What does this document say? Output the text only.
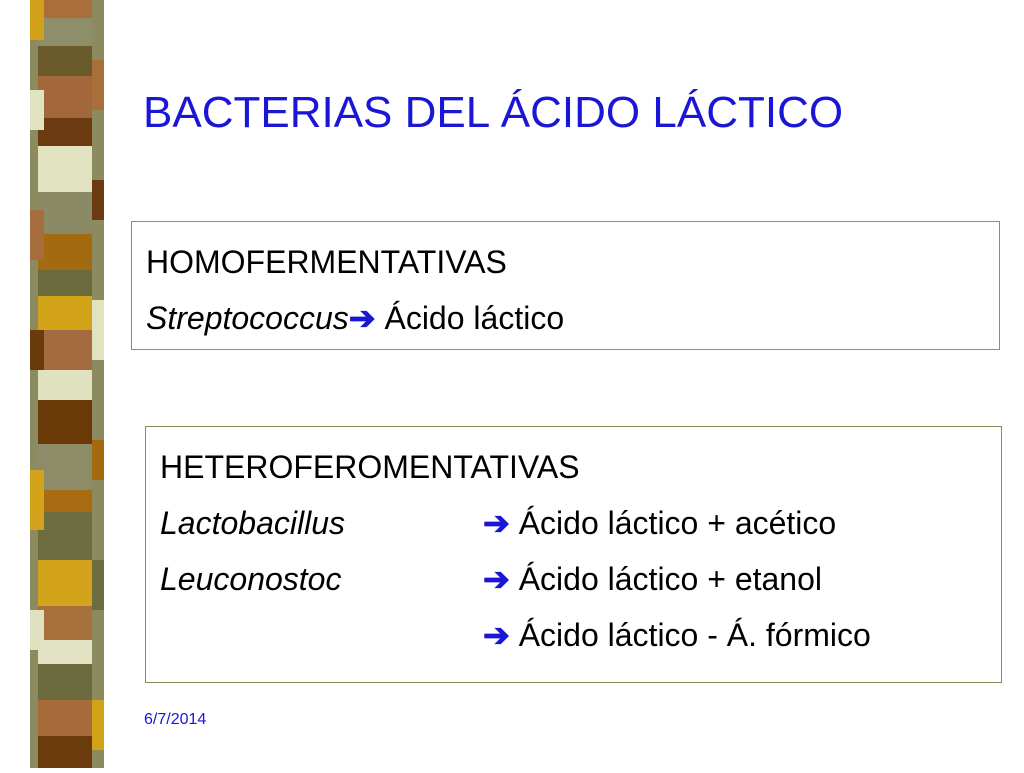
BACTERIAS DEL ÁCIDO LÁCTICO
HOMOFERMENTATIVAS
Streptococcus➔ Ácido láctico
HETEROFEROMENTATIVAS
Lactobacillus	➔ Ácido láctico + acético
Leuconostoc	➔ Ácido láctico + etanol
➔ Ácido láctico - Á. fórmico
6/7/2014
